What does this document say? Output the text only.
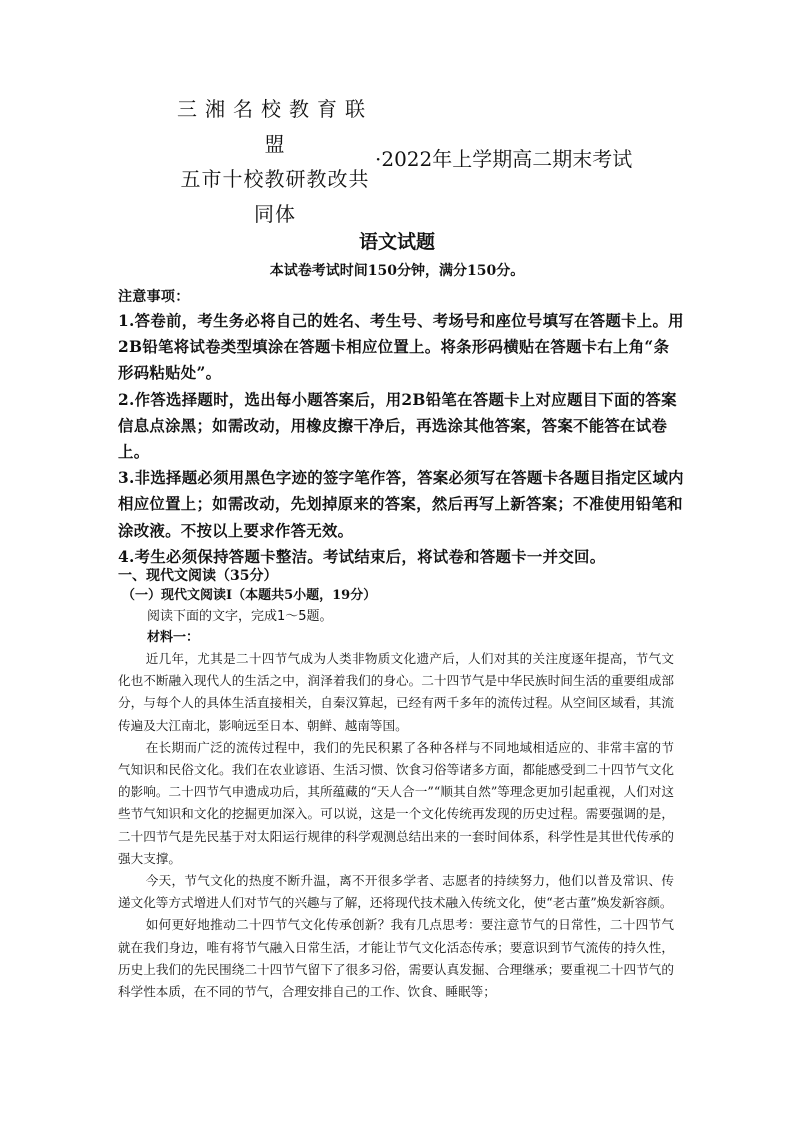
三湘名校教育联
盟
五市十校教研教改共
同体
·2022年上学期高二期末考试
语文试题
本试卷考试时间150分钟，满分150分。

注意事项：

1.答卷前，考生务必将自己的姓名、考生号、考场号和座位号填写在答题卡上。用2B铅笔将试卷类型填涂在答题卡相应位置上。将条形码横贴在答题卡右上角“条形码粘贴处”。

2.作答选择题时，选出每小题答案后，用2B铅笔在答题卡上对应题目下面的答案信息点涂黑；如需改动，用橡皮擦干净后，再选涂其他答案，答案不能答在试卷上。

3.非选择题必须用黑色字迹的签字笔作答，答案必须写在答题卡各题目指定区域内相应位置上；如需改动，先划掉原来的答案，然后再写上新答案；不准使用铅笔和涂改液。不按以上要求作答无效。

4.考生必须保持答题卡整洁。考试结束后，将试卷和答题卡一并交回。

一、现代文阅读（35分）
（一）现代文阅读Ⅰ（本题共5小题，19分）
阅读下面的文字，完成1～5题。
材料一：

近几年，尤其是二十四节气成为人类非物质文化遗产后，人们对其的关注度逐年提高，节气文化也不断融入现代人的生活之中，润泽着我们的身心。二十四节气是中华民族时间生活的重要组成部分，与每个人的具体生活直接相关，自秦汉算起，已经有两千多年的流传过程。从空间区域看，其流传遍及大江南北，影响远至日本、朝鲜、越南等国。

在长期而广泛的流传过程中，我们的先民积累了各种各样与不同地域相适应的、非常丰富的节气知识和民俗文化。我们在农业谚语、生活习惯、饮食习俗等诸多方面，都能感受到二十四节气文化的影响。二十四节气申遗成功后，其所蕴藏的“天人合一”“顺其自然”等理念更加引起重视，人们对这些节气知识和文化的挖掘更加深入。可以说，这是一个文化传统再发现的历史过程。需要强调的是，二十四节气是先民基于对太阳运行规律的科学观测总结出来的一套时间体系，科学性是其世代传承的强大支撑。

今天，节气文化的热度不断升温，离不开很多学者、志愿者的持续努力，他们以普及常识、传递文化等方式增进人们对节气的兴趣与了解，还将现代技术融入传统文化，使“老古董”焕发新容颜。

如何更好地推动二十四节气文化传承创新？我有几点思考：要注意节气的日常性，二十四节气就在我们身边，唯有将节气融入日常生活，才能让节气文化活态传承；要意识到节气流传的持久性，历史上我们的先民围绕二十四节气留下了很多习俗，需要认真发掘、合理继承；要重视二十四节气的科学性本质，在不同的节气，合理安排自己的工作、饮食、睡眠等；
